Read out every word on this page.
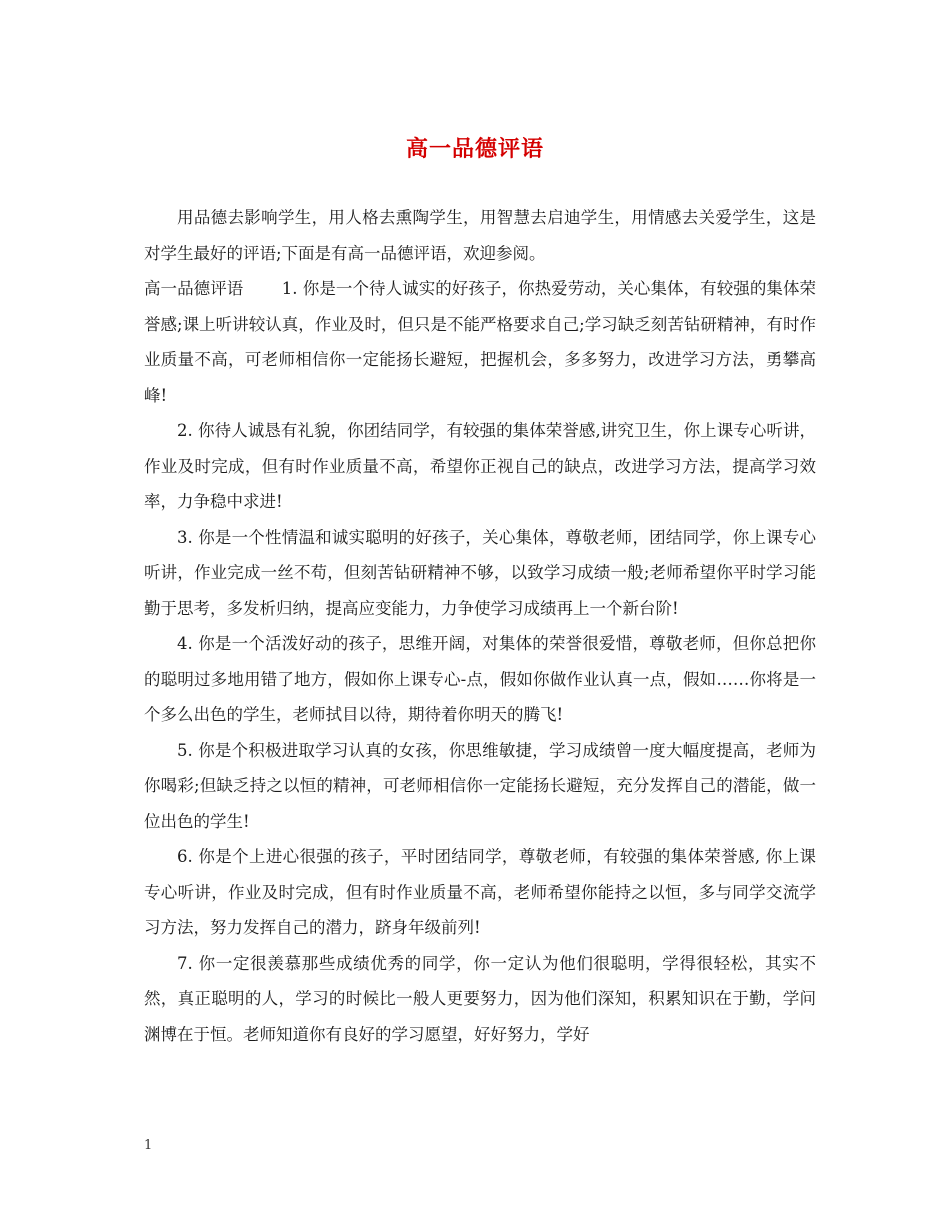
高一品德评语

用品德去影响学生，用人格去熏陶学生，用智慧去启迪学生，用情感去关爱学生，这是对学生最好的评语;下面是有高一品德评语，欢迎参阅。

高一品德评语　　 1. 你是一个待人诚实的好孩子，你热爱劳动，关心集体，有较强的集体荣誉感;课上听讲较认真，作业及时，但只是不能严格要求自己;学习缺乏刻苦钻研精神，有时作业质量不高，可老师相信你一定能扬长避短，把握机会，多多努力，改进学习方法，勇攀高峰!

2. 你待人诚恳有礼貌，你团结同学，有较强的集体荣誉感,讲究卫生，你上课专心听讲，作业及时完成，但有时作业质量不高，希望你正视自己的缺点，改进学习方法，提高学习效率，力争稳中求进!

3. 你是一个性情温和诚实聪明的好孩子，关心集体，尊敬老师，团结同学，你上课专心听讲，作业完成一丝不苟，但刻苦钻研精神不够，以致学习成绩一般;老师希望你平时学习能勤于思考，多发析归纳，提高应变能力，力争使学习成绩再上一个新台阶!

4. 你是一个活泼好动的孩子，思维开阔，对集体的荣誉很爱惜，尊敬老师，但你总把你的聪明过多地用错了地方，假如你上课专心-点，假如你做作业认真一点，假如……你将是一个多么出色的学生，老师拭目以待，期待着你明天的腾飞!

5. 你是个积极进取学习认真的女孩，你思维敏捷，学习成绩曾一度大幅度提高，老师为你喝彩;但缺乏持之以恒的精神，可老师相信你一定能扬长避短，充分发挥自己的潜能，做一位出色的学生!

6. 你是个上进心很强的孩子，平时团结同学，尊敬老师，有较强的集体荣誉感, 你上课专心听讲，作业及时完成，但有时作业质量不高，老师希望你能持之以恒，多与同学交流学习方法，努力发挥自己的潜力，跻身年级前列!

7. 你一定很羡慕那些成绩优秀的同学，你一定认为他们很聪明，学得很轻松，其实不然，真正聪明的人，学习的时候比一般人更要努力，因为他们深知，积累知识在于勤，学问渊博在于恒。老师知道你有良好的学习愿望，好好努力，学好

1
